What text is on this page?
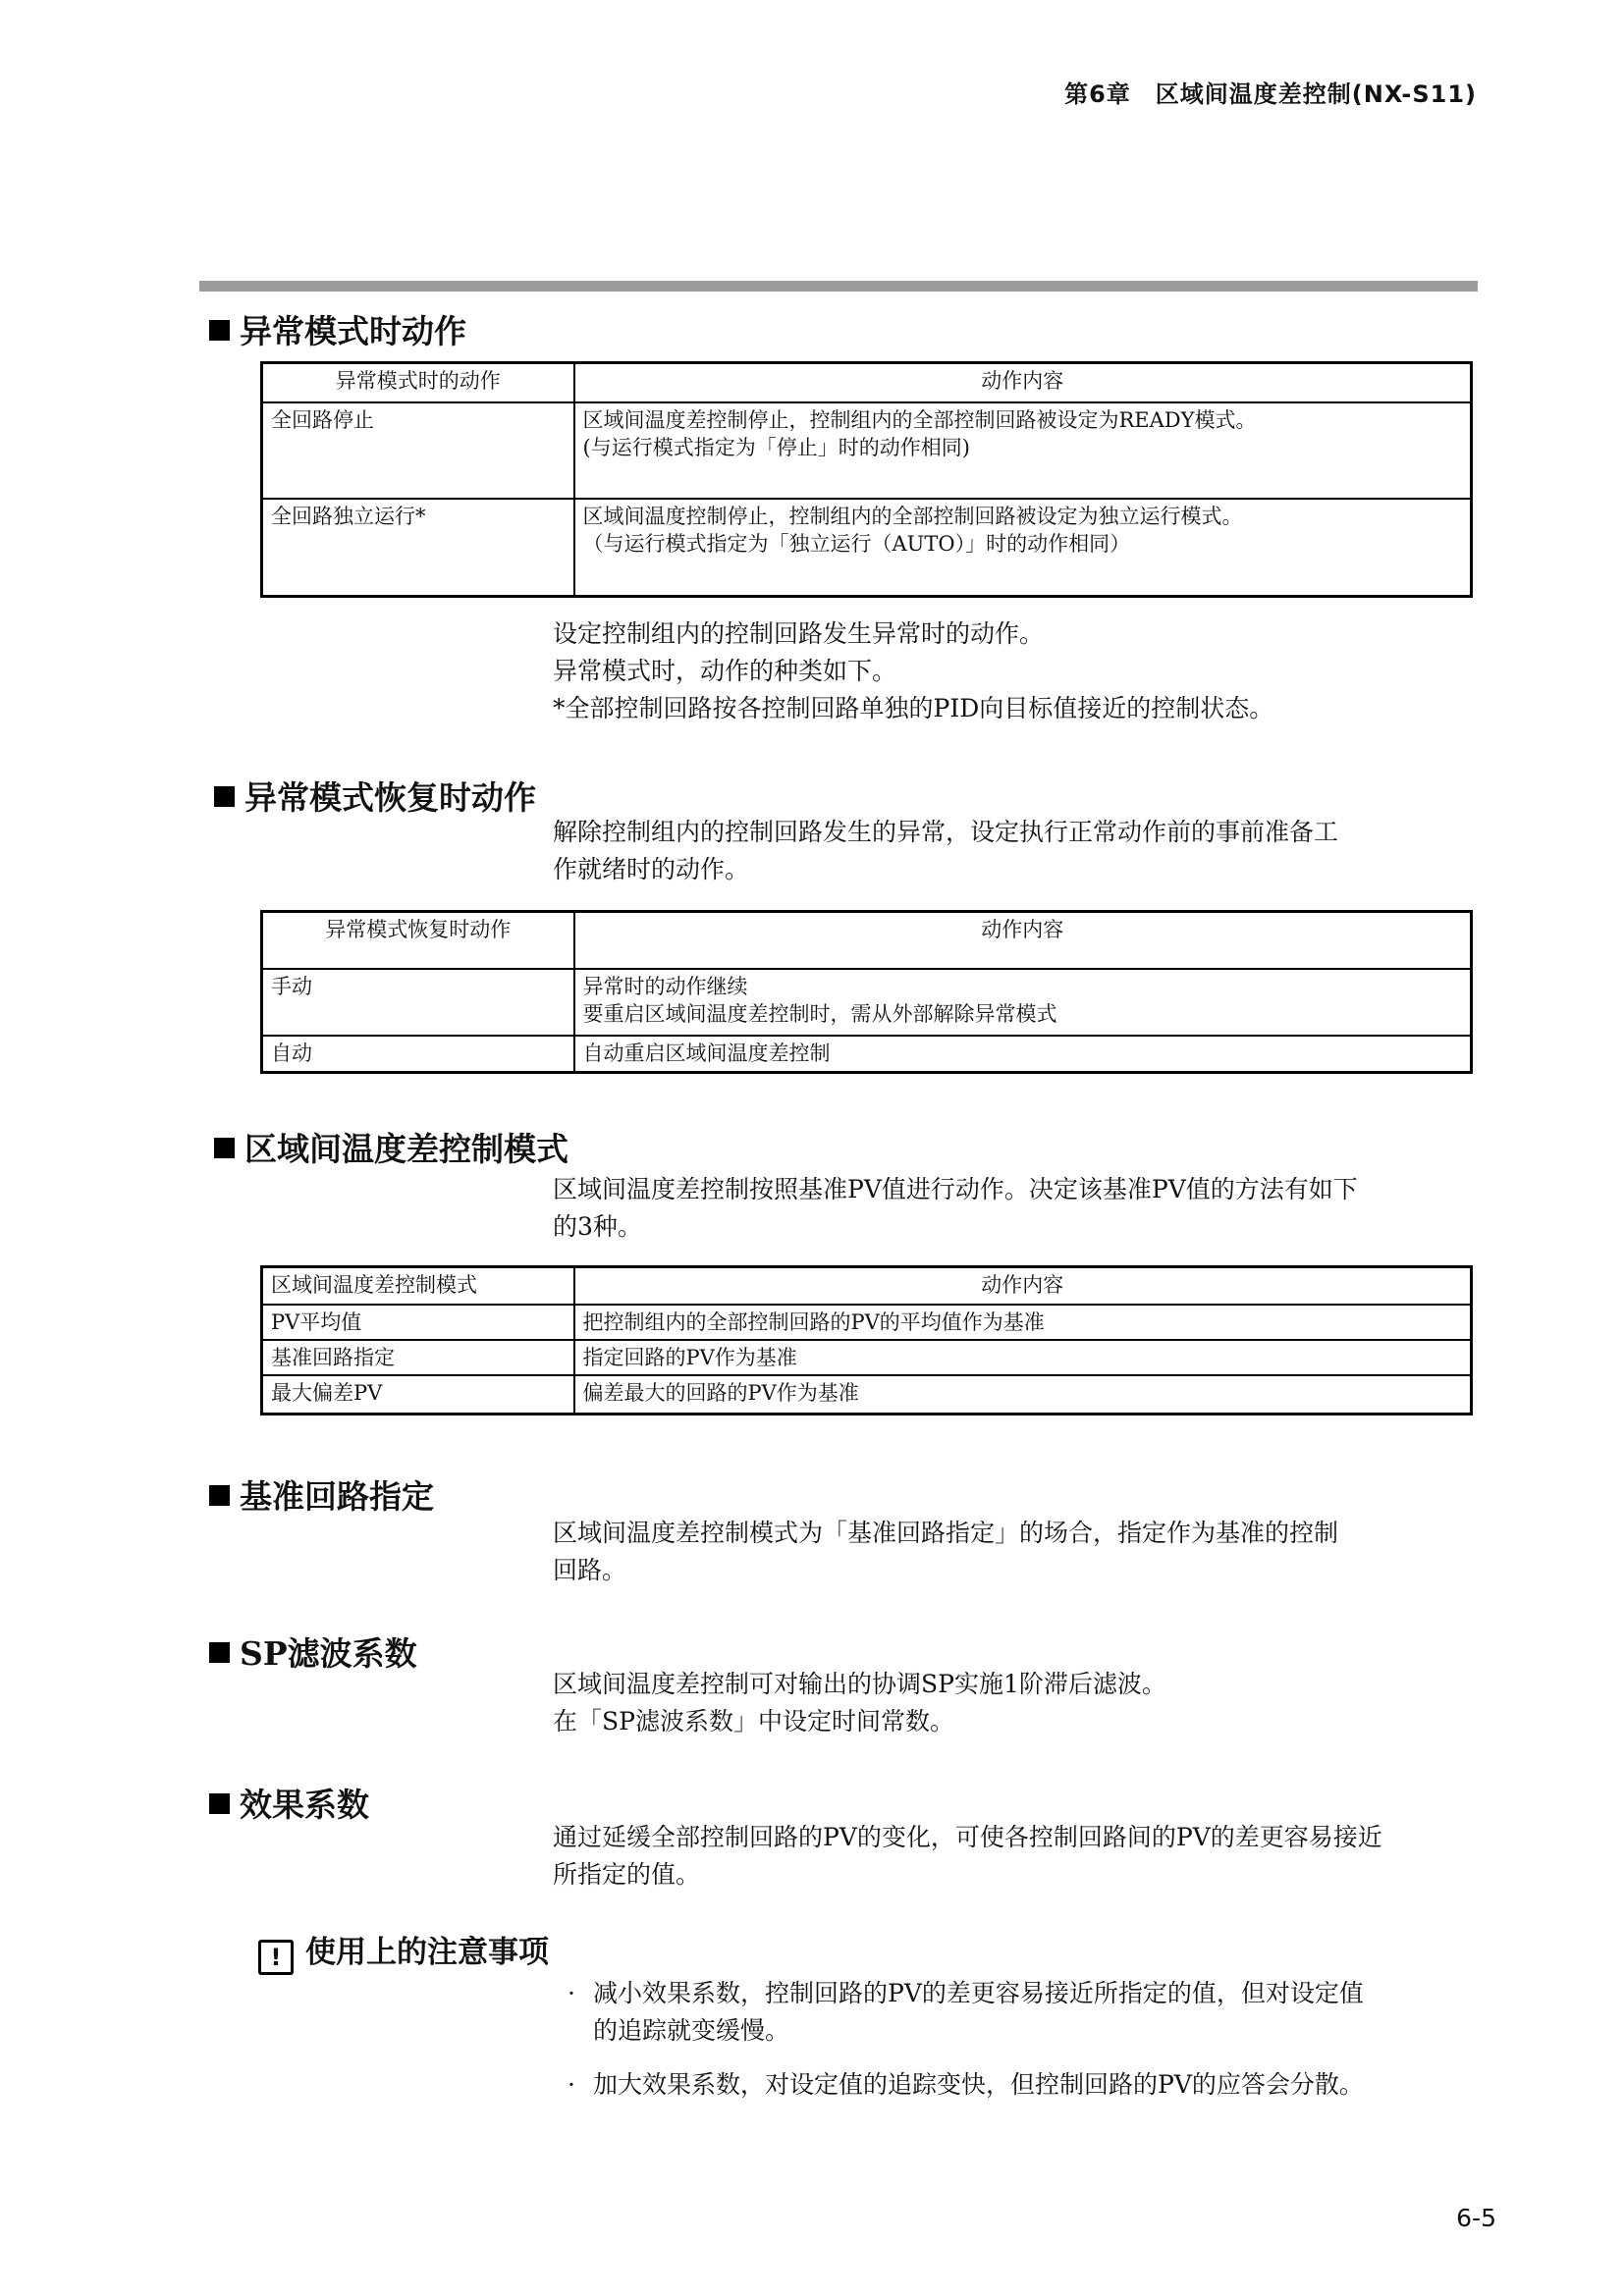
第6章　区域间温度差控制(NX-S11)
异常模式时动作
异常模式时的动作	动作内容
全回路停止	区域间温度差控制停止，控制组内的全部控制回路被设定为READY模式。
(与运行模式指定为「停止」时的动作相同)

全回路独立运行*	区域间温度控制停止，控制组内的全部控制回路被设定为独立运行模式。
（与运行模式指定为「独立运行（AUTO）」时的动作相同）
设定控制组内的控制回路发生异常时的动作。
异常模式时，动作的种类如下。
*全部控制回路按各控制回路单独的PID向目标值接近的控制状态。
异常模式恢复时动作
解除控制组内的控制回路发生的异常，设定执行正常动作前的事前准备工
作就绪时的动作。
异常模式恢复时动作	动作内容
手动	异常时的动作继续
要重启区域间温度差控制时，需从外部解除异常模式

自动	自动重启区域间温度差控制
区域间温度差控制模式
区域间温度差控制按照基准PV值进行动作。决定该基准PV值的方法有如下
的3种。
区域间温度差控制模式	动作内容
PV平均值	把控制组内的全部控制回路的PV的平均值作为基准
基准回路指定	指定回路的PV作为基准
最大偏差PV	偏差最大的回路的PV作为基准
基准回路指定
区域间温度差控制模式为「基准回路指定」的场合，指定作为基准的控制
回路。
SP滤波系数
区域间温度差控制可对输出的协调SP实施1阶滞后滤波。
在「SP滤波系数」中设定时间常数。
效果系数
通过延缓全部控制回路的PV的变化，可使各控制回路间的PV的差更容易接近
所指定的值。
! 使用上的注意事项
· 减小效果系数，控制回路的PV的差更容易接近所指定的值，但对设定值
的追踪就变缓慢。
· 加大效果系数，对设定值的追踪变快，但控制回路的PV的应答会分散。
6-5
